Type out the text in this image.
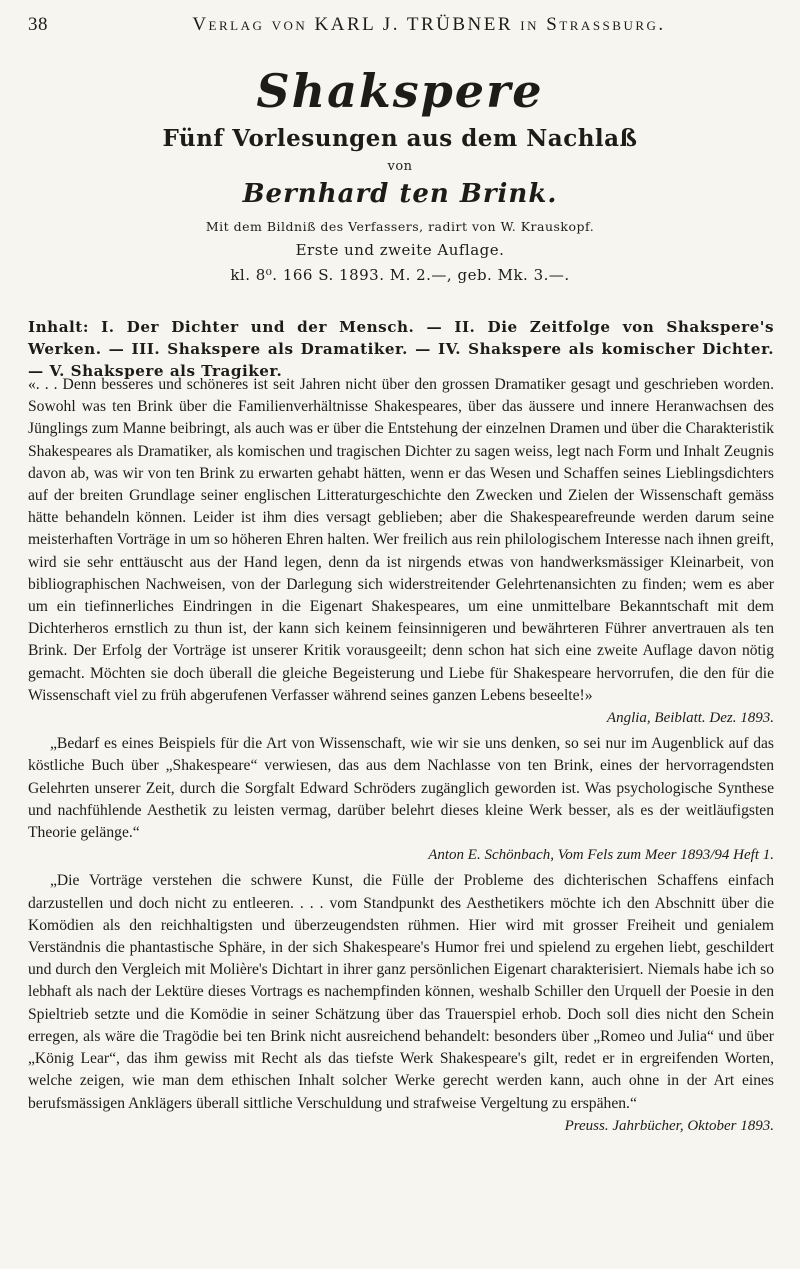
38	Verlag von KARL J. TRÜBNER in Strassburg.
Shakspere
Fünf Vorlesungen aus dem Nachlaß
von
Bernhard ten Brink.
Mit dem Bildniß des Verfassers, radirt von W. Krauskopf.
Erste und zweite Auflage.
kl. 8⁰. 166 S. 1893. M. 2.—, geb. Mk. 3.—.
Inhalt: I. Der Dichter und der Mensch. — II. Die Zeitfolge von Shakspere's Werken. — III. Shakspere als Dramatiker. — IV. Shakspere als komischer Dichter. — V. Shakspere als Tragiker.

«. . . Denn besseres und schöneres ist seit Jahren nicht über den grossen Dramatiker gesagt und geschrieben worden. Sowohl was ten Brink über die Familienverhältnisse Shakespeares, über das äussere und innere Heranwachsen des Jünglings zum Manne beibringt, als auch was er über die Entstehung der einzelnen Dramen und über die Charakteristik Shakespeares als Dramatiker, als komischen und tragischen Dichter zu sagen weiss, legt nach Form und Inhalt Zeugnis davon ab, was wir von ten Brink zu erwarten gehabt hätten, wenn er das Wesen und Schaffen seines Lieblingsdichters auf der breiten Grundlage seiner englischen Litteraturgeschichte den Zwecken und Zielen der Wissenschaft gemäss hätte behandeln können. Leider ist ihm dies versagt geblieben; aber die Shakespearefreunde werden darum seine meisterhaften Vorträge in um so höheren Ehren halten. Wer freilich aus rein philologischem Interesse nach ihnen greift, wird sie sehr enttäuscht aus der Hand legen, denn da ist nirgends etwas von handwerksmässiger Kleinarbeit, von bibliographischen Nachweisen, von der Darlegung sich widerstreitender Gelehrtenansichten zu finden; wem es aber um ein tiefinnerliches Eindringen in die Eigenart Shakespeares, um eine unmittelbare Bekanntschaft mit dem Dichterheros ernstlich zu thun ist, der kann sich keinem feinsinnigeren und bewährteren Führer anvertrauen als ten Brink. Der Erfolg der Vorträge ist unserer Kritik vorausgeeilt; denn schon hat sich eine zweite Auflage davon nötig gemacht. Möchten sie doch überall die gleiche Begeisterung und Liebe für Shakespeare hervorrufen, die den für die Wissenschaft viel zu früh abgerufenen Verfasser während seines ganzen Lebens beseelte!»

Anglia, Beiblatt. Dez. 1893.

„Bedarf es eines Beispiels für die Art von Wissenschaft, wie wir sie uns denken, so sei nur im Augenblick auf das köstliche Buch über „Shakespeare“ verwiesen, das aus dem Nachlasse von ten Brink, eines der hervorragendsten Gelehrten unserer Zeit, durch die Sorgfalt Edward Schröders zugänglich geworden ist. Was psychologische Synthese und nachfühlende Aesthetik zu leisten vermag, darüber belehrt dieses kleine Werk besser, als es der weitläufigsten Theorie gelänge.“

Anton E. Schönbach, Vom Fels zum Meer 1893/94 Heft 1.

„Die Vorträge verstehen die schwere Kunst, die Fülle der Probleme des dichterischen Schaffens einfach darzustellen und doch nicht zu entleeren. . . . vom Standpunkt des Aesthetikers möchte ich den Abschnitt über die Komödien als den reichhaltigsten und überzeugendsten rühmen. Hier wird mit grosser Freiheit und genialem Verständnis die phantastische Sphäre, in der sich Shakespeare's Humor frei und spielend zu ergehen liebt, geschildert und durch den Vergleich mit Molière's Dichtart in ihrer ganz persönlichen Eigenart charakterisiert. Niemals habe ich so lebhaft als nach der Lektüre dieses Vortrags es nachempfinden können, weshalb Schiller den Urquell der Poesie in den Spieltrieb setzte und die Komödie in seiner Schätzung über das Trauerspiel erhob. Doch soll dies nicht den Schein erregen, als wäre die Tragödie bei ten Brink nicht ausreichend behandelt: besonders über „Romeo und Julia“ und über „König Lear“, das ihm gewiss mit Recht als das tiefste Werk Shakespeare's gilt, redet er in ergreifenden Worten, welche zeigen, wie man dem ethischen Inhalt solcher Werke gerecht werden kann, auch ohne in der Art eines berufsmässigen Anklägers überall sittliche Verschuldung und strafweise Vergeltung zu erspähen.“

Preuss. Jahrbücher, Oktober 1893.
